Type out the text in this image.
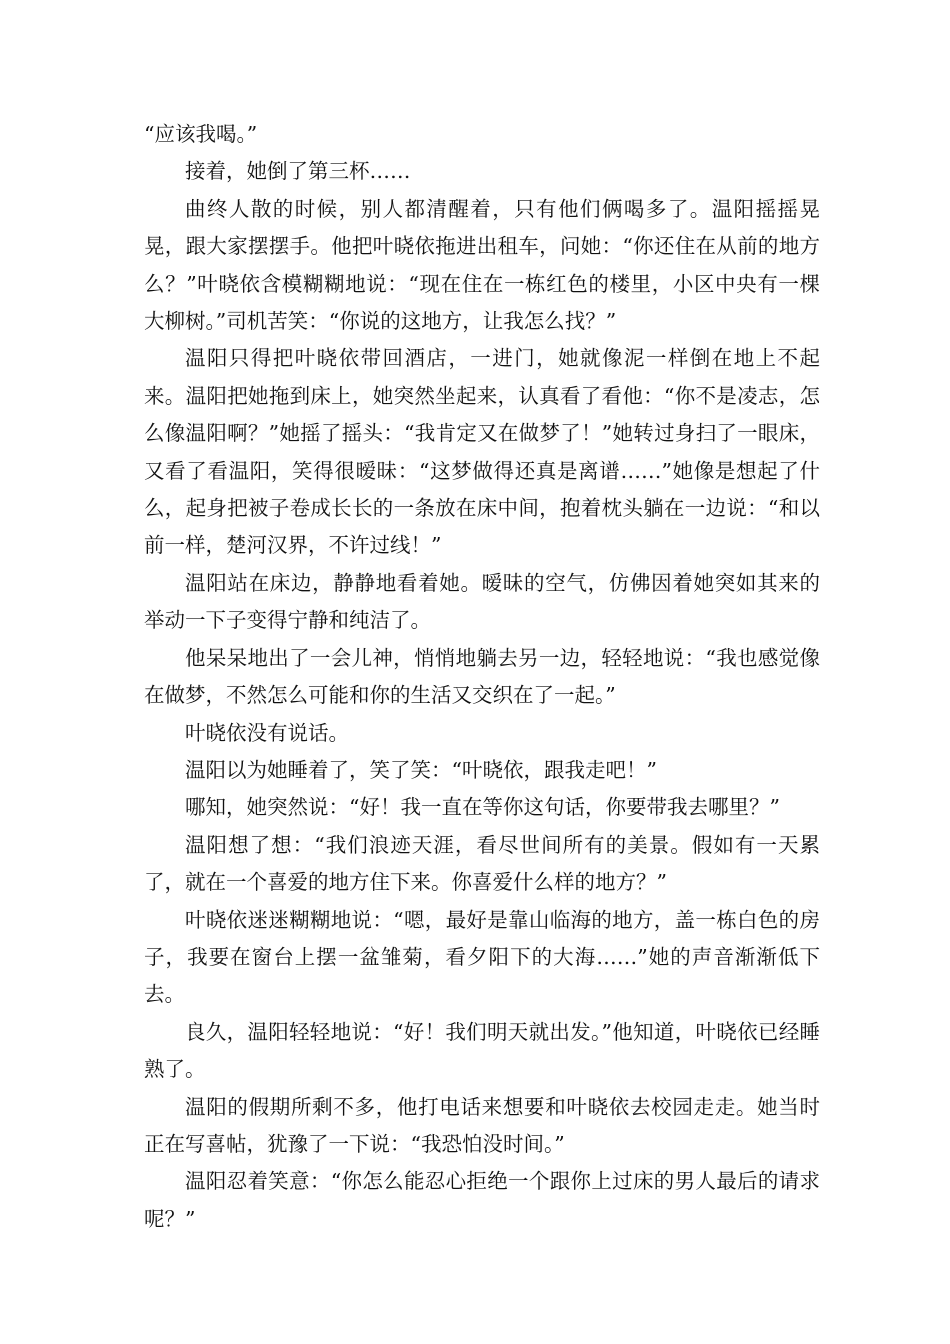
“应该我喝。”

接着，她倒了第三杯……

曲终人散的时候，别人都清醒着，只有他们俩喝多了。温阳摇摇晃晃，跟大家摆摆手。他把叶晓依拖进出租车，问她：“你还住在从前的地方么？”叶晓依含模糊糊地说：“现在住在一栋红色的楼里，小区中央有一棵大柳树。”司机苦笑：“你说的这地方，让我怎么找？”

温阳只得把叶晓依带回酒店，一进门，她就像泥一样倒在地上不起来。温阳把她拖到床上，她突然坐起来，认真看了看他：“你不是凌志，怎么像温阳啊？”她摇了摇头：“我肯定又在做梦了！”她转过身扫了一眼床，又看了看温阳，笑得很暧昧：“这梦做得还真是离谱……”她像是想起了什么，起身把被子卷成长长的一条放在床中间，抱着枕头躺在一边说：“和以前一样，楚河汉界，不许过线！”

温阳站在床边，静静地看着她。暧昧的空气，仿佛因着她突如其来的举动一下子变得宁静和纯洁了。

他呆呆地出了一会儿神，悄悄地躺去另一边，轻轻地说：“我也感觉像在做梦，不然怎么可能和你的生活又交织在了一起。”

叶晓依没有说话。

温阳以为她睡着了，笑了笑：“叶晓依，跟我走吧！”

哪知，她突然说：“好！我一直在等你这句话，你要带我去哪里？”

温阳想了想：“我们浪迹天涯，看尽世间所有的美景。假如有一天累了，就在一个喜爱的地方住下来。你喜爱什么样的地方？”

叶晓依迷迷糊糊地说：“嗯，最好是靠山临海的地方，盖一栋白色的房子，我要在窗台上摆一盆雏菊，看夕阳下的大海……”她的声音渐渐低下去。

良久，温阳轻轻地说：“好！我们明天就出发。”他知道，叶晓依已经睡熟了。

温阳的假期所剩不多，他打电话来想要和叶晓依去校园走走。她当时正在写喜帖，犹豫了一下说：“我恐怕没时间。”

温阳忍着笑意：“你怎么能忍心拒绝一个跟你上过床的男人最后的请求呢？”
